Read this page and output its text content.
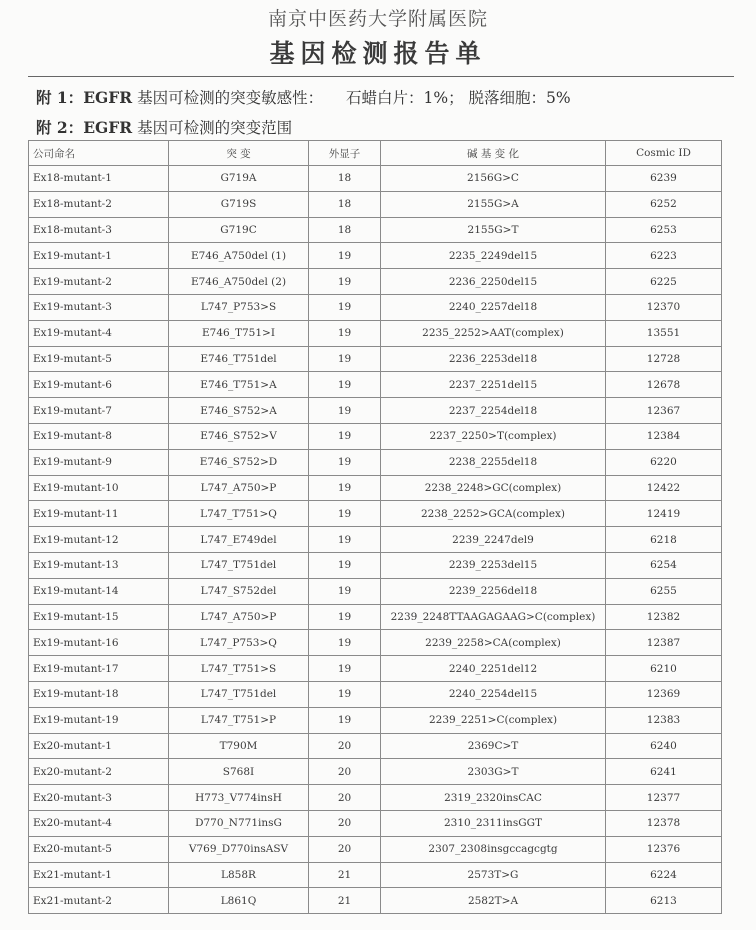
南京中医药大学附属医院
基因检测报告单
附 1：EGFR 基因可检测的突变敏感性： 石蜡白片：1%； 脱落细胞：5%
附 2：EGFR 基因可检测的突变范围
公司命名	突 变	外显子	碱 基 变 化	Cosmic ID
Ex18-mutant-1	G719A	18	2156G>C	6239
Ex18-mutant-2	G719S	18	2155G>A	6252
Ex18-mutant-3	G719C	18	2155G>T	6253
Ex19-mutant-1	E746_A750del (1)	19	2235_2249del15	6223
Ex19-mutant-2	E746_A750del (2)	19	2236_2250del15	6225
Ex19-mutant-3	L747_P753>S	19	2240_2257del18	12370
Ex19-mutant-4	E746_T751>I	19	2235_2252>AAT(complex)	13551
Ex19-mutant-5	E746_T751del	19	2236_2253del18	12728
Ex19-mutant-6	E746_T751>A	19	2237_2251del15	12678
Ex19-mutant-7	E746_S752>A	19	2237_2254del18	12367
Ex19-mutant-8	E746_S752>V	19	2237_2250>T(complex)	12384
Ex19-mutant-9	E746_S752>D	19	2238_2255del18	6220
Ex19-mutant-10	L747_A750>P	19	2238_2248>GC(complex)	12422
Ex19-mutant-11	L747_T751>Q	19	2238_2252>GCA(complex)	12419
Ex19-mutant-12	L747_E749del	19	2239_2247del9	6218
Ex19-mutant-13	L747_T751del	19	2239_2253del15	6254
Ex19-mutant-14	L747_S752del	19	2239_2256del18	6255
Ex19-mutant-15	L747_A750>P	19	2239_2248TTAAGAGAAG>C(complex)	12382
Ex19-mutant-16	L747_P753>Q	19	2239_2258>CA(complex)	12387
Ex19-mutant-17	L747_T751>S	19	2240_2251del12	6210
Ex19-mutant-18	L747_T751del	19	2240_2254del15	12369
Ex19-mutant-19	L747_T751>P	19	2239_2251>C(complex)	12383
Ex20-mutant-1	T790M	20	2369C>T	6240
Ex20-mutant-2	S768I	20	2303G>T	6241
Ex20-mutant-3	H773_V774insH	20	2319_2320insCAC	12377
Ex20-mutant-4	D770_N771insG	20	2310_2311insGGT	12378
Ex20-mutant-5	V769_D770insASV	20	2307_2308insgccagcgtg	12376
Ex21-mutant-1	L858R	21	2573T>G	6224
Ex21-mutant-2	L861Q	21	2582T>A	6213
